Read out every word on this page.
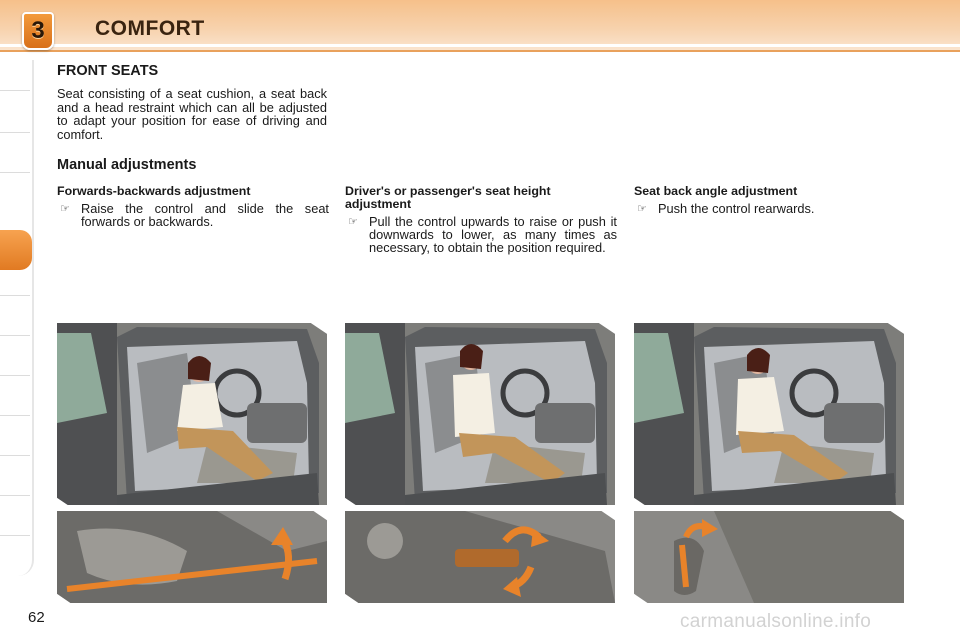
3 COMFORT
FRONT SEATS

Seat consisting of a seat cushion, a seat back and a head restraint which can all be adjusted to adapt your position for ease of driving and comfort.

Manual adjustments
Forwards-backwards adjustment
☞ Raise the control and slide the seat forwards or backwards.
Driver's or passenger's seat height adjustment
☞ Pull the control upwards to raise or push it downwards to lower, as many times as necessary, to obtain the position required.
Seat back angle adjustment
☞ Push the control rearwards.
62	carmanualsonline.info
